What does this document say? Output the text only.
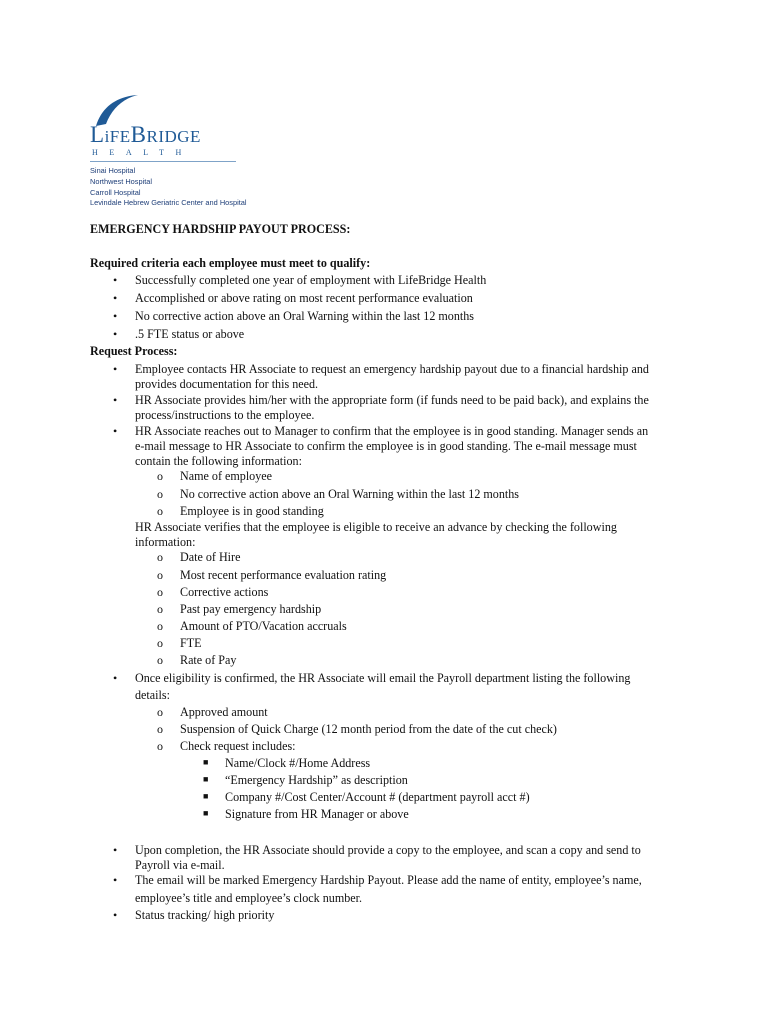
LiFEBRIDGE
HEALTH
Sinai Hospital
Northwest Hospital
Carroll Hospital
Levindale Hebrew Geriatric Center and Hospital
EMERGENCY HARDSHIP PAYOUT PROCESS:
Required criteria each employee must meet to qualify:
• Successfully completed one year of employment with LifeBridge Health
• Accomplished or above rating on most recent performance evaluation
• No corrective action above an Oral Warning within the last 12 months
• .5 FTE status or above
Request Process:
• Employee contacts HR Associate to request an emergency hardship payout due to a financial hardship and
provides documentation for this need.
• HR Associate provides him/her with the appropriate form (if funds need to be paid back), and explains the
process/instructions to the employee.
• HR Associate reaches out to Manager to confirm that the employee is in good standing. Manager sends an
e-mail message to HR Associate to confirm the employee is in good standing. The e-mail message must
contain the following information:
o Name of employee
o No corrective action above an Oral Warning within the last 12 months
o Employee is in good standing
HR Associate verifies that the employee is eligible to receive an advance by checking the following
information:
o Date of Hire
o Most recent performance evaluation rating
o Corrective actions
o Past pay emergency hardship
o Amount of PTO/Vacation accruals
o FTE
o Rate of Pay
• Once eligibility is confirmed, the HR Associate will email the Payroll department listing the following
details:
o Approved amount
o Suspension of Quick Charge (12 month period from the date of the cut check)
o Check request includes:
■ Name/Clock #/Home Address
■ “Emergency Hardship” as description
■ Company #/Cost Center/Account # (department payroll acct #)
■ Signature from HR Manager or above
• Upon completion, the HR Associate should provide a copy to the employee, and scan a copy and send to
Payroll via e-mail.
• The email will be marked Emergency Hardship Payout. Please add the name of entity, employee’s name,
employee’s title and employee’s clock number.
• Status tracking/ high priority
